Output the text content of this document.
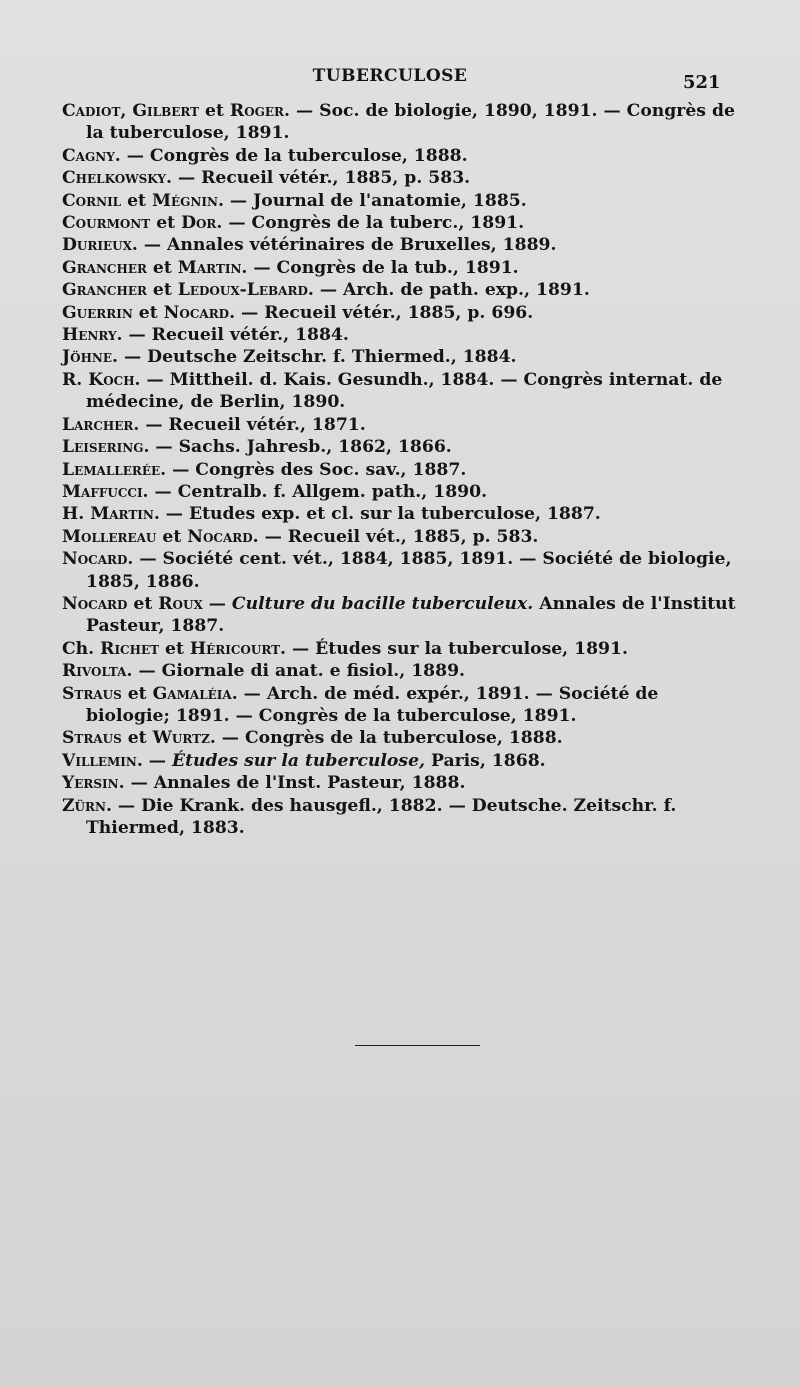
TUBERCULOSE	521

Cadiot, Gilbert et Roger. — Soc. de biologie, 1890, 1891. — Congrès de la tuberculose, 1891.

Cagny. — Congrès de la tuberculose, 1888.

Chelkowsky. — Recueil vétér., 1885, p. 583.

Cornil et Mégnin. — Journal de l'anatomie, 1885.

Courmont et Dor. — Congrès de la tuberc., 1891.

Durieux. — Annales vétérinaires de Bruxelles, 1889.

Grancher et Martin. — Congrès de la tub., 1891.

Grancher et Ledoux-Lebard. — Arch. de path. exp., 1891.

Guerrin et Nocard. — Recueil vétér., 1885, p. 696.

Henry. — Recueil vétér., 1884.

Jöhne. — Deutsche Zeitschr. f. Thiermed., 1884.

R. Koch. — Mittheil. d. Kais. Gesundh., 1884. — Congrès internat. de médecine, de Berlin, 1890.

Larcher. — Recueil vétér., 1871.

Leisering. — Sachs. Jahresb., 1862, 1866.

Lemallerée. — Congrès des Soc. sav., 1887.

Maffucci. — Centralb. f. Allgem. path., 1890.

H. Martin. — Etudes exp. et cl. sur la tuberculose, 1887.

Mollereau et Nocard. — Recueil vét., 1885, p. 583.

Nocard. — Société cent. vét., 1884, 1885, 1891. — Société de biologie, 1885, 1886.

Nocard et Roux — Culture du bacille tuberculeux. Annales de l'Institut Pasteur, 1887.

Ch. Richet et Héricourt. — Études sur la tuberculose, 1891.

Rivolta. — Giornale di anat. e fisiol., 1889.

Straus et Gamaléia. — Arch. de méd. expér., 1891. — Société de biologie; 1891. — Congrès de la tuberculose, 1891.

Straus et Wurtz. — Congrès de la tuberculose, 1888.

Villemin. — Études sur la tuberculose, Paris, 1868.

Yersin. — Annales de l'Inst. Pasteur, 1888.

Zürn. — Die Krank. des hausgefl., 1882. — Deutsche. Zeitschr. f. Thiermed, 1883.
